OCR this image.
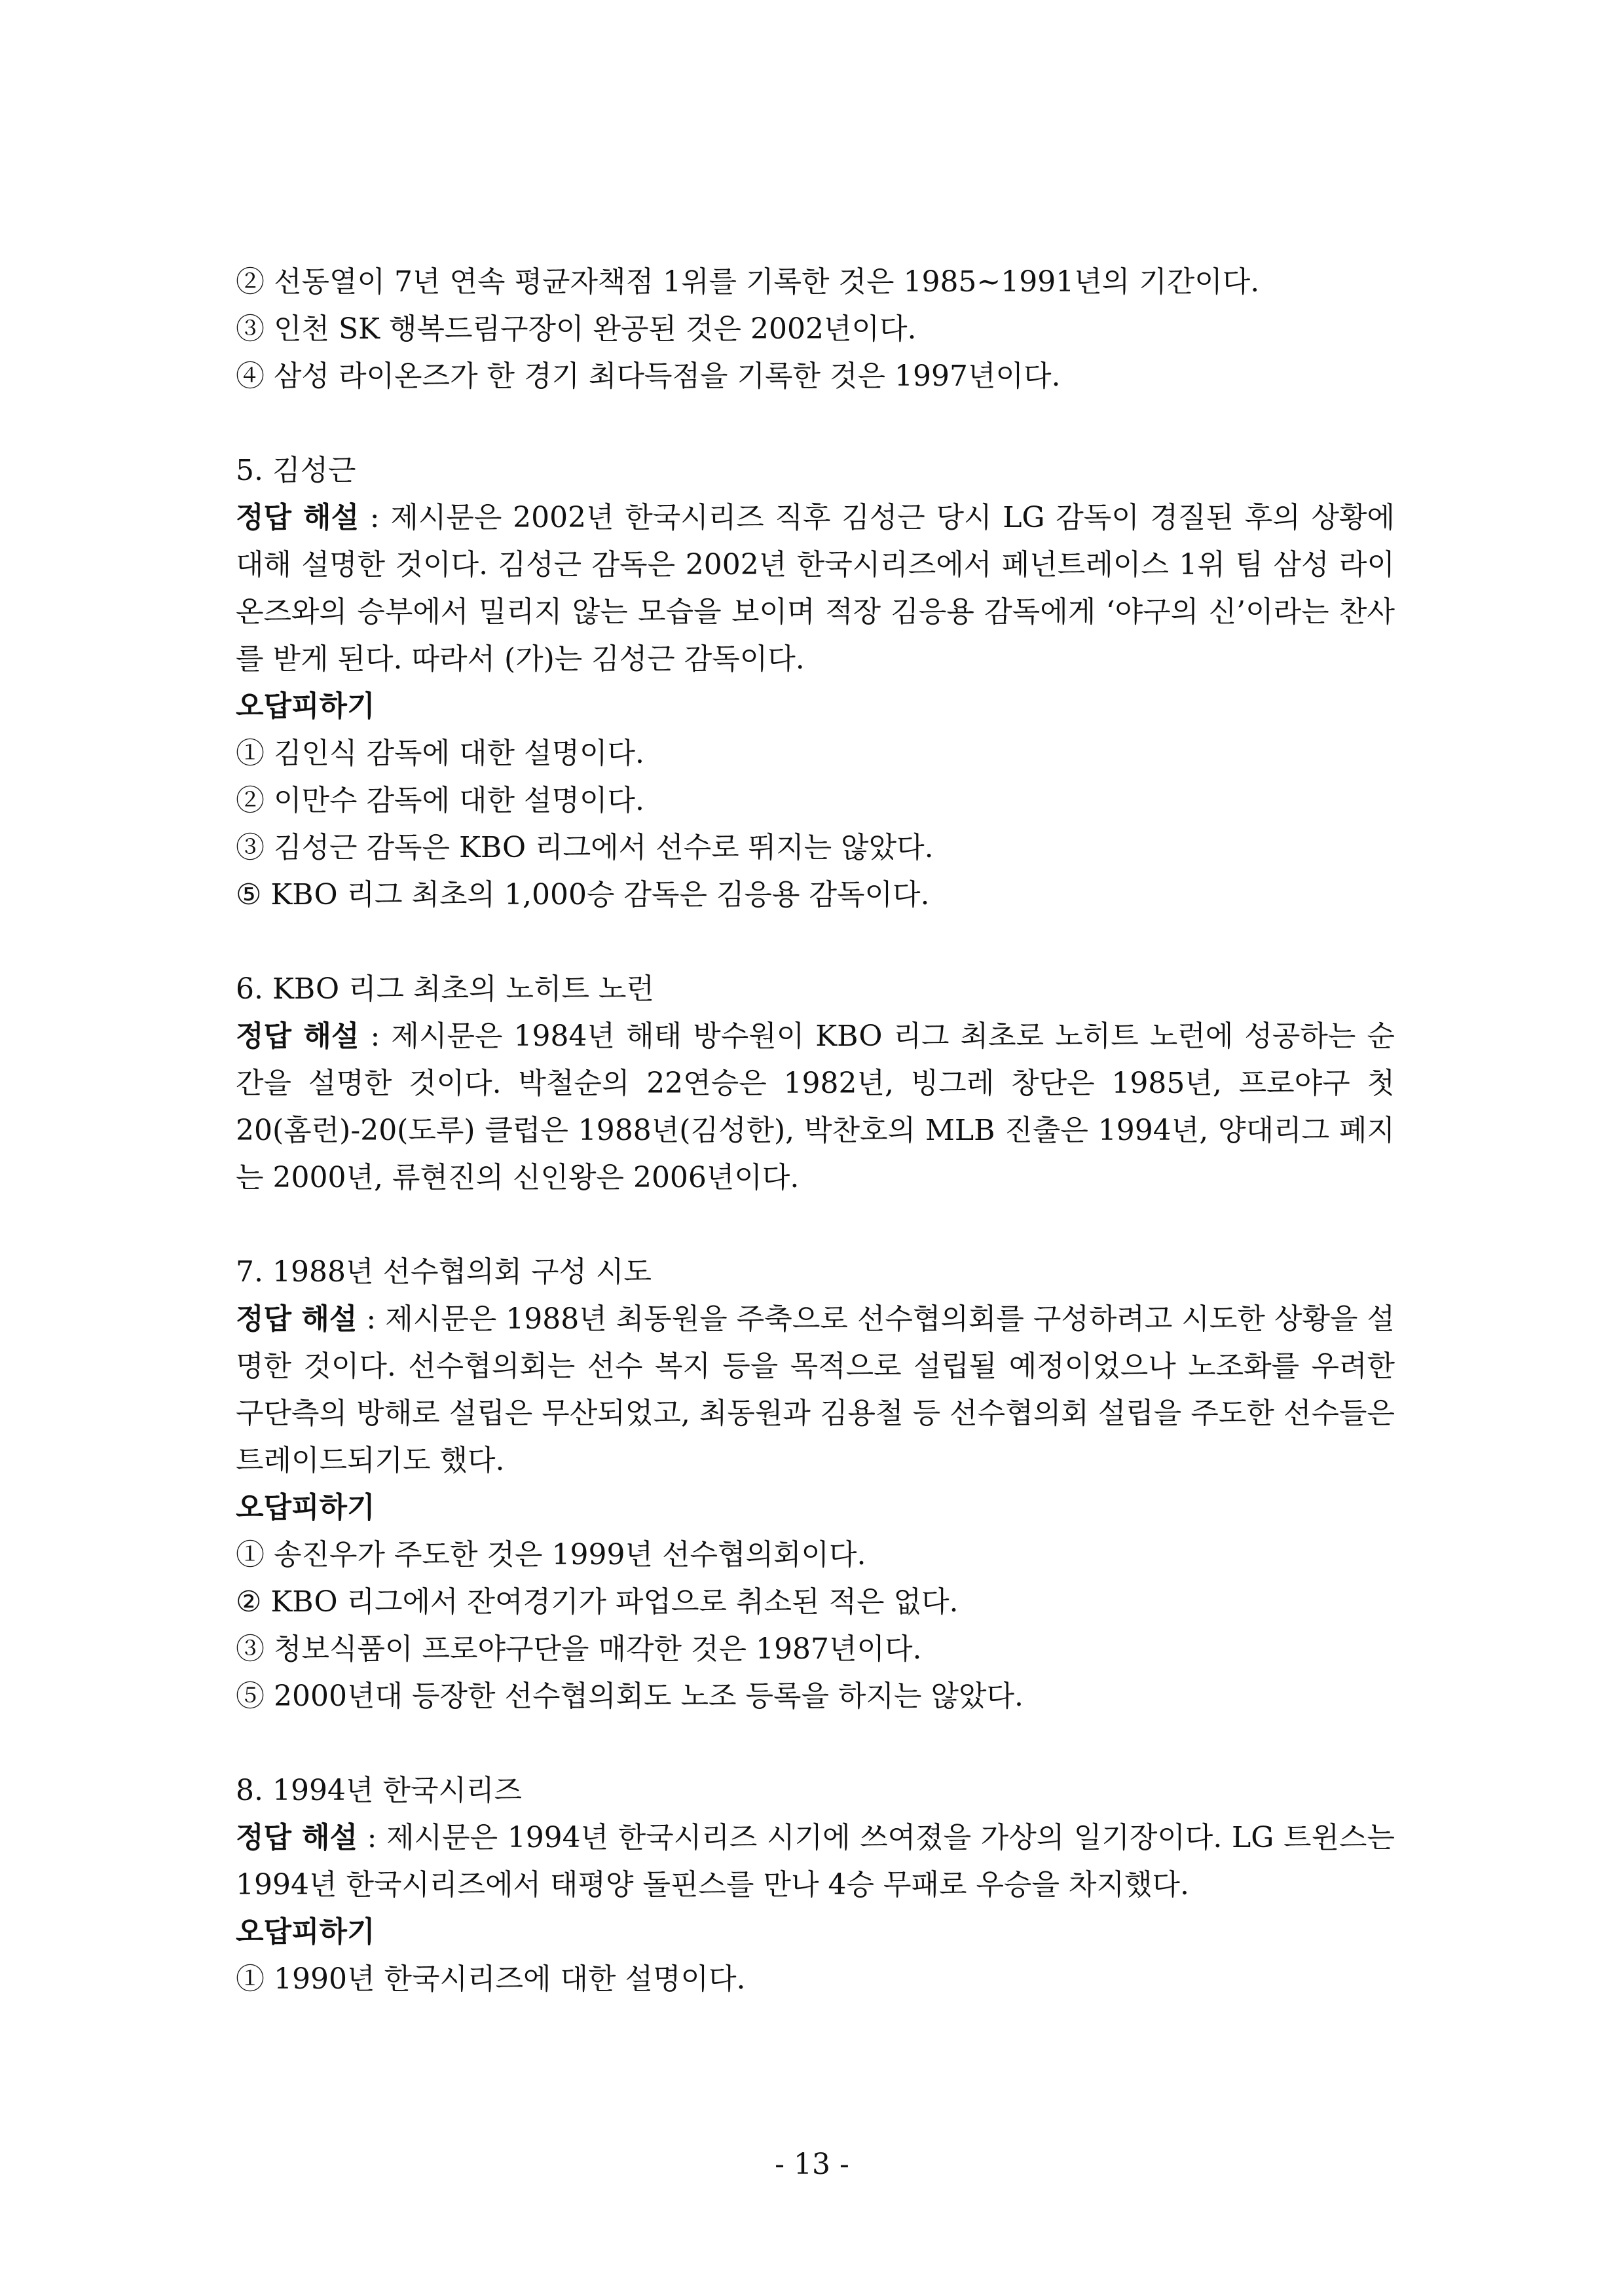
② 선동열이 7년 연속 평균자책점 1위를 기록한 것은 1985~1991년의 기간이다.
③ 인천 SK 행복드림구장이 완공된 것은 2002년이다.
④ 삼성 라이온즈가 한 경기 최다득점을 기록한 것은 1997년이다.
5. 김성근
정답 해설 : 제시문은 2002년 한국시리즈 직후 김성근 당시 LG 감독이 경질된 후의 상황에 대해 설명한 것이다. 김성근 감독은 2002년 한국시리즈에서 페넌트레이스 1위 팀 삼성 라이온즈와의 승부에서 밀리지 않는 모습을 보이며 적장 김응용 감독에게 ‘야구의 신’이라는 찬사를 받게 된다. 따라서 (가)는 김성근 감독이다.
오답피하기
① 김인식 감독에 대한 설명이다.
② 이만수 감독에 대한 설명이다.
③ 김성근 감독은 KBO 리그에서 선수로 뛰지는 않았다.
⑤ KBO 리그 최초의 1,000승 감독은 김응용 감독이다.
6. KBO 리그 최초의 노히트 노런
정답 해설 : 제시문은 1984년 해태 방수원이 KBO 리그 최초로 노히트 노런에 성공하는 순간을 설명한 것이다. 박철순의 22연승은 1982년, 빙그레 창단은 1985년, 프로야구 첫 20(홈런)-20(도루) 클럽은 1988년(김성한), 박찬호의 MLB 진출은 1994년, 양대리그 폐지는 2000년, 류현진의 신인왕은 2006년이다.
7. 1988년 선수협의회 구성 시도
정답 해설 : 제시문은 1988년 최동원을 주축으로 선수협의회를 구성하려고 시도한 상황을 설명한 것이다. 선수협의회는 선수 복지 등을 목적으로 설립될 예정이었으나 노조화를 우려한 구단측의 방해로 설립은 무산되었고, 최동원과 김용철 등 선수협의회 설립을 주도한 선수들은 트레이드되기도 했다.
오답피하기
① 송진우가 주도한 것은 1999년 선수협의회이다.
② KBO 리그에서 잔여경기가 파업으로 취소된 적은 없다.
③ 청보식품이 프로야구단을 매각한 것은 1987년이다.
⑤ 2000년대 등장한 선수협의회도 노조 등록을 하지는 않았다.
8. 1994년 한국시리즈
정답 해설 : 제시문은 1994년 한국시리즈 시기에 쓰여졌을 가상의 일기장이다. LG 트윈스는 1994년 한국시리즈에서 태평양 돌핀스를 만나 4승 무패로 우승을 차지했다.
오답피하기
① 1990년 한국시리즈에 대한 설명이다.
- 13 -
